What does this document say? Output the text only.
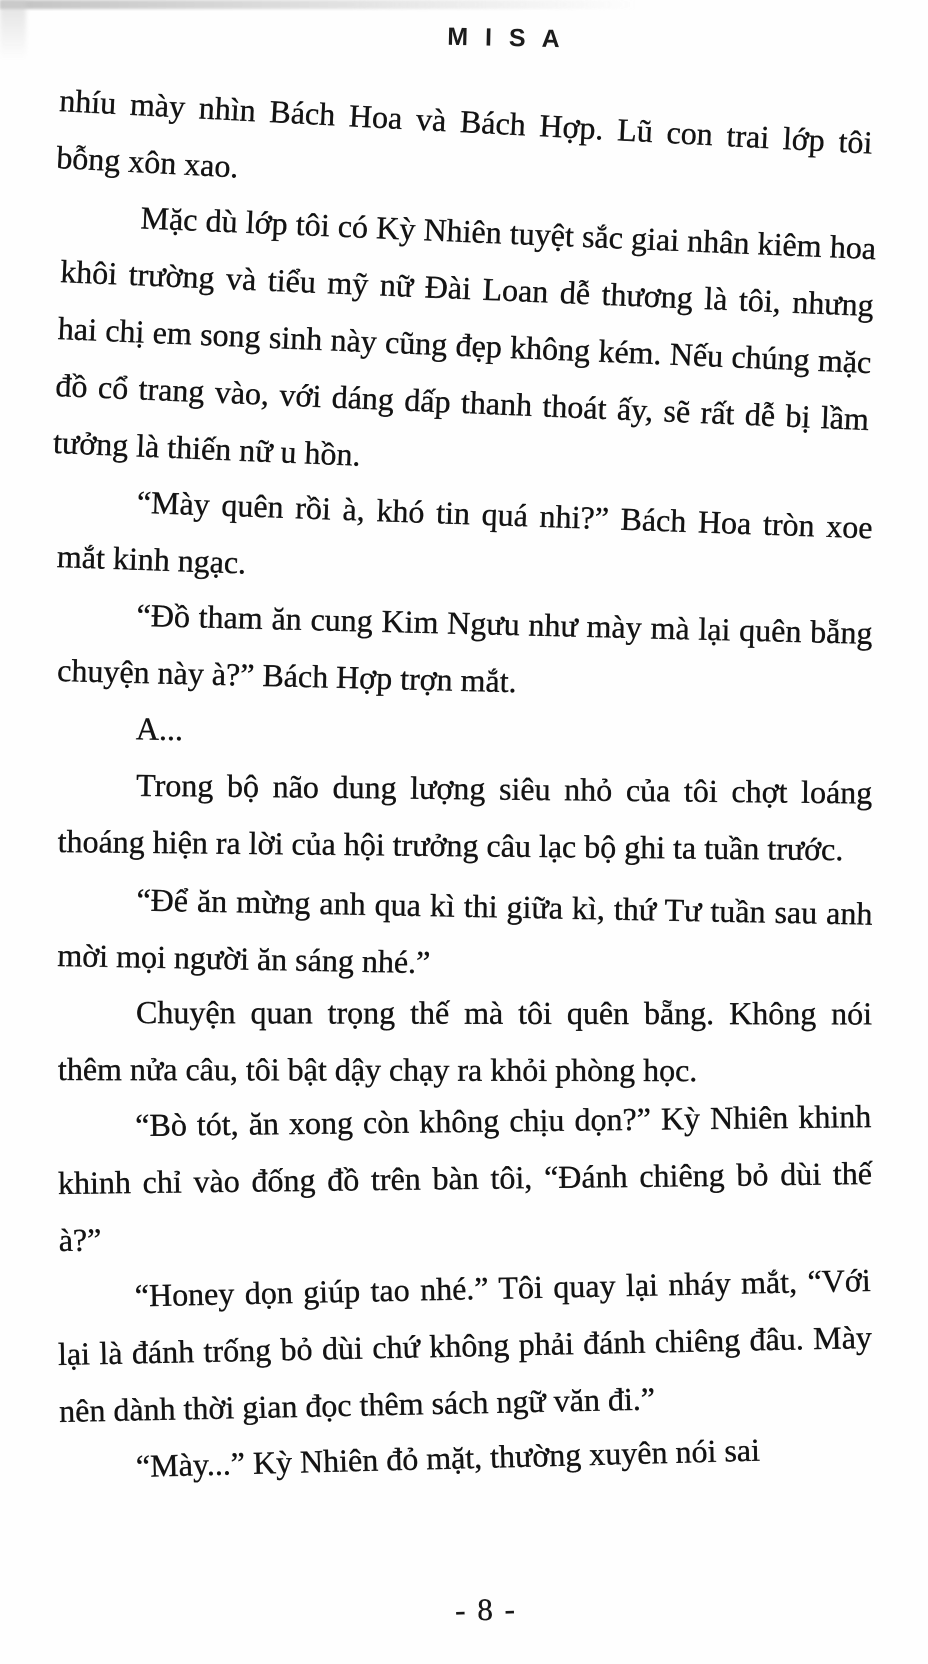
M I S A

nhíu mày nhìn Bách Hoa và Bách Hợp. Lũ con trai lớp tôi bỗng xôn xao.

Mặc dù lớp tôi có Kỳ Nhiên tuyệt sắc giai nhân kiêm hoa khôi trường và tiểu mỹ nữ Đài Loan dễ thương là tôi, nhưng hai chị em song sinh này cũng đẹp không kém. Nếu chúng mặc đồ cổ trang vào, với dáng dấp thanh thoát ấy, sẽ rất dễ bị lầm tưởng là thiến nữ u hồn.

“Mày quên rồi à, khó tin quá nhi?” Bách Hoa tròn xoe mắt kinh ngạc.

“Đồ tham ăn cung Kim Ngưu như mày mà lại quên bẵng chuyện này à?” Bách Hợp trợn mắt.

A...

Trong bộ não dung lượng siêu nhỏ của tôi chợt loáng thoáng hiện ra lời của hội trưởng câu lạc bộ ghi ta tuần trước.

“Để ăn mừng anh qua kì thi giữa kì, thứ Tư tuần sau anh mời mọi người ăn sáng nhé.”

Chuyện quan trọng thế mà tôi quên bẵng. Không nói thêm nửa câu, tôi bật dậy chạy ra khỏi phòng học.

“Bò tót, ăn xong còn không chịu dọn?” Kỳ Nhiên khinh khinh chỉ vào đống đồ trên bàn tôi, “Đánh chiêng bỏ dùi thế à?”

“Honey dọn giúp tao nhé.” Tôi quay lại nháy mắt, “Với lại là đánh trống bỏ dùi chứ không phải đánh chiêng đâu. Mày nên dành thời gian đọc thêm sách ngữ văn đi.”

“Mày...” Kỳ Nhiên đỏ mặt, thường xuyên nói sai

- 8 -
